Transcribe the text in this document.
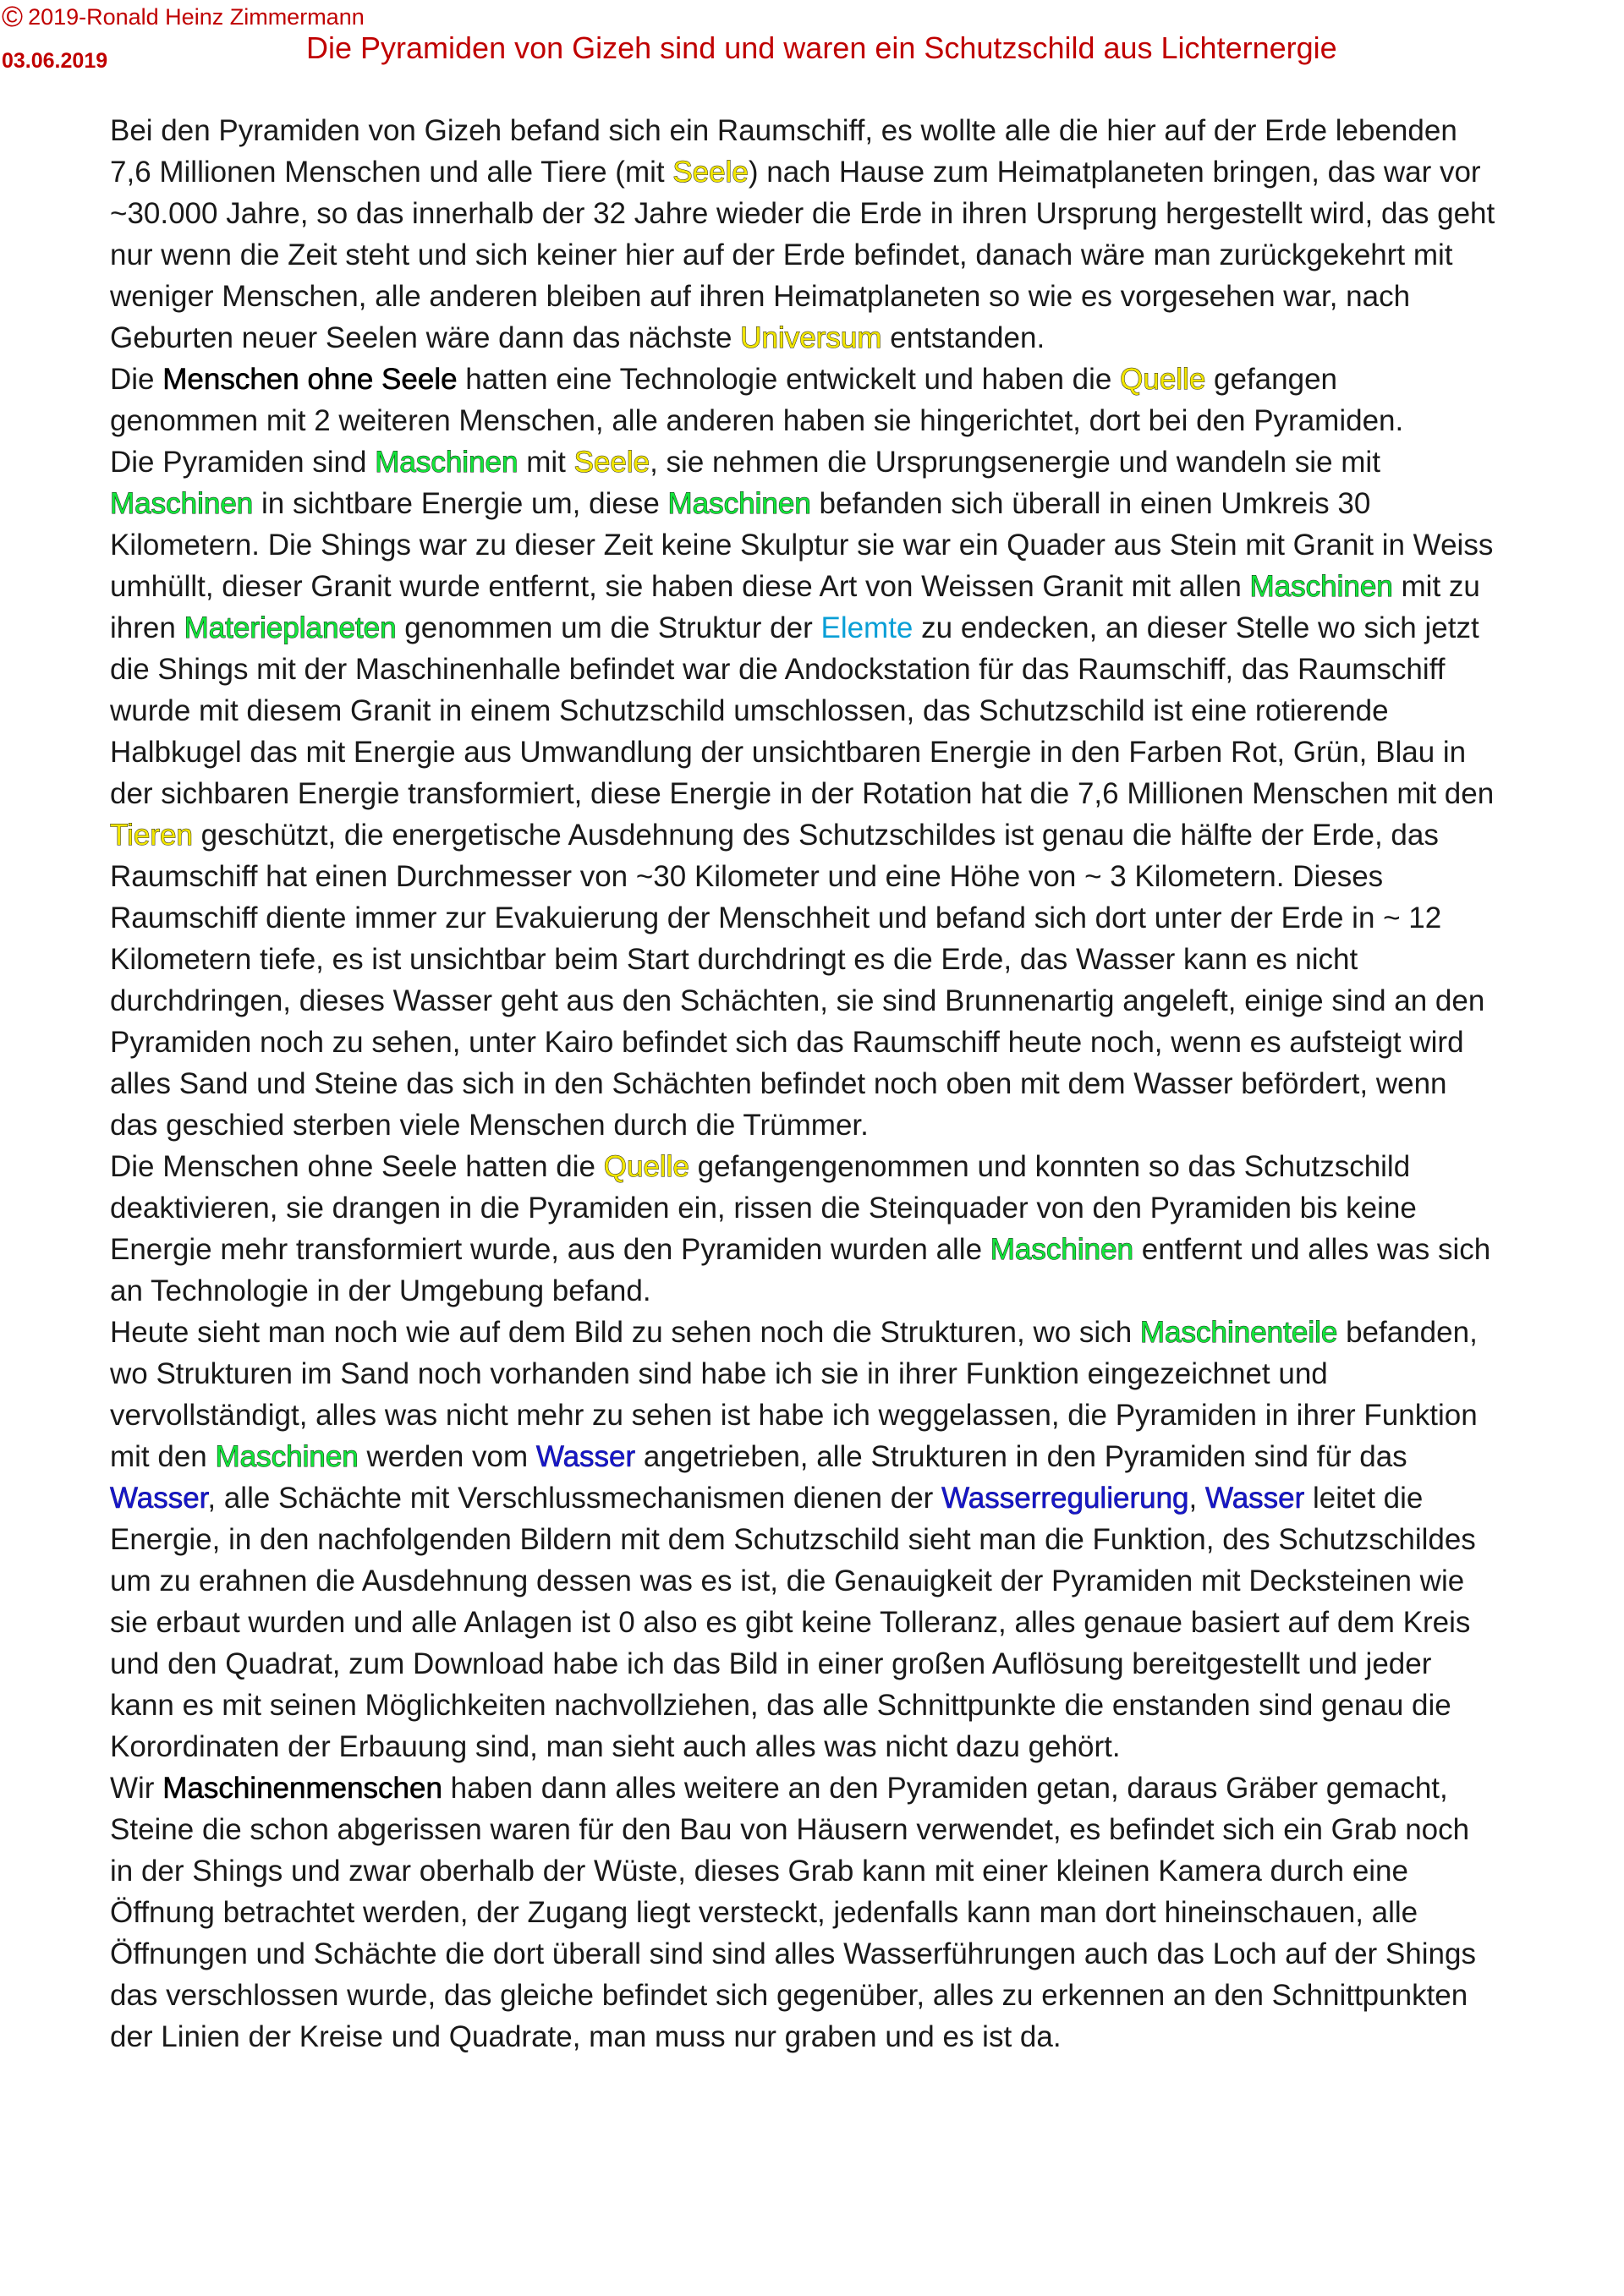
© 2019-Ronald Heinz Zimmermann
03.06.2019	Die Pyramiden von Gizeh sind und waren ein Schutzschild aus Lichternergie
Bei den Pyramiden von Gizeh befand sich ein Raumschiff, es wollte alle die hier auf der Erde lebenden
7,6 Millionen Menschen und alle Tiere (mit Seele) nach Hause zum Heimatplaneten bringen, das war vor
~30.000 Jahre, so das innerhalb der 32 Jahre wieder die Erde in ihren Ursprung hergestellt wird, das geht
nur wenn die Zeit steht und sich keiner hier auf der Erde befindet, danach wäre man zurückgekehrt mit
weniger Menschen, alle anderen bleiben auf ihren Heimatplaneten so wie es vorgesehen war, nach
Geburten neuer Seelen wäre dann das nächste Universum entstanden.
Die Menschen ohne Seele hatten eine Technologie entwickelt und haben die Quelle gefangen
genommen mit 2 weiteren Menschen, alle anderen haben sie hingerichtet, dort bei den Pyramiden.
Die Pyramiden sind Maschinen mit Seele, sie nehmen die Ursprungsenergie und wandeln sie mit
Maschinen in sichtbare Energie um, diese Maschinen befanden sich überall in einen Umkreis 30
Kilometern. Die Shings war zu dieser Zeit keine Skulptur sie war ein Quader aus Stein mit Granit in Weiss
umhüllt, dieser Granit wurde entfernt, sie haben diese Art von Weissen Granit mit allen Maschinen mit zu
ihren Materieplaneten genommen um die Struktur der Elemte zu endecken, an dieser Stelle wo sich jetzt
die Shings mit der Maschinenhalle befindet war die Andockstation für das Raumschiff, das Raumschiff
wurde mit diesem Granit in einem Schutzschild umschlossen, das Schutzschild ist eine rotierende
Halbkugel das mit Energie aus Umwandlung der unsichtbaren Energie in den Farben Rot, Grün, Blau in
der sichbaren Energie transformiert, diese Energie in der Rotation hat die 7,6 Millionen Menschen mit den
Tieren geschützt, die energetische Ausdehnung des Schutzschildes ist genau die hälfte der Erde, das
Raumschiff hat einen Durchmesser von ~30 Kilometer und eine Höhe von ~ 3 Kilometern. Dieses
Raumschiff diente immer zur Evakuierung der Menschheit und befand sich dort unter der Erde in ~ 12
Kilometern tiefe, es ist unsichtbar beim Start durchdringt es die Erde, das Wasser kann es nicht
durchdringen, dieses Wasser geht aus den Schächten, sie sind Brunnenartig angeleft, einige sind an den
Pyramiden noch zu sehen, unter Kairo befindet sich das Raumschiff heute noch, wenn es aufsteigt wird
alles Sand und Steine das sich in den Schächten befindet noch oben mit dem Wasser befördert, wenn
das geschied sterben viele Menschen durch die Trümmer.
Die Menschen ohne Seele hatten die Quelle gefangengenommen und konnten so das Schutzschild
deaktivieren, sie drangen in die Pyramiden ein, rissen die Steinquader von den Pyramiden bis keine
Energie mehr transformiert wurde, aus den Pyramiden wurden alle Maschinen entfernt und alles was sich
an Technologie in der Umgebung befand.
Heute sieht man noch wie auf dem Bild zu sehen noch die Strukturen, wo sich Maschinenteile befanden,
wo Strukturen im Sand noch vorhanden sind habe ich sie in ihrer Funktion eingezeichnet und
vervollständigt, alles was nicht mehr zu sehen ist habe ich weggelassen, die Pyramiden in ihrer Funktion
mit den Maschinen werden vom Wasser angetrieben, alle Strukturen in den Pyramiden sind für das
Wasser, alle Schächte mit Verschlussmechanismen dienen der Wasserregulierung, Wasser leitet die
Energie, in den nachfolgenden Bildern mit dem Schutzschild sieht man die Funktion, des Schutzschildes
um zu erahnen die Ausdehnung dessen was es ist, die Genauigkeit der Pyramiden mit Decksteinen wie
sie erbaut wurden und alle Anlagen ist 0 also es gibt keine Tolleranz, alles genaue basiert auf dem Kreis
und den Quadrat, zum Download habe ich das Bild in einer großen Auflösung bereitgestellt und jeder
kann es mit seinen Möglichkeiten nachvollziehen, das alle Schnittpunkte die enstanden sind genau die
Korordinaten der Erbauung sind, man sieht auch alles was nicht dazu gehört.
Wir Maschinenmenschen haben dann alles weitere an den Pyramiden getan, daraus Gräber gemacht,
Steine die schon abgerissen waren für den Bau von Häusern verwendet, es befindet sich ein Grab noch
in der Shings und zwar oberhalb der Wüste, dieses Grab kann mit einer kleinen Kamera durch eine
Öffnung betrachtet werden, der Zugang liegt versteckt, jedenfalls kann man dort hineinschauen, alle
Öffnungen und Schächte die dort überall sind sind alles Wasserführungen auch das Loch auf der Shings
das verschlossen wurde, das gleiche befindet sich gegenüber, alles zu erkennen an den Schnittpunkten
der Linien der Kreise und Quadrate, man muss nur graben und es ist da.
